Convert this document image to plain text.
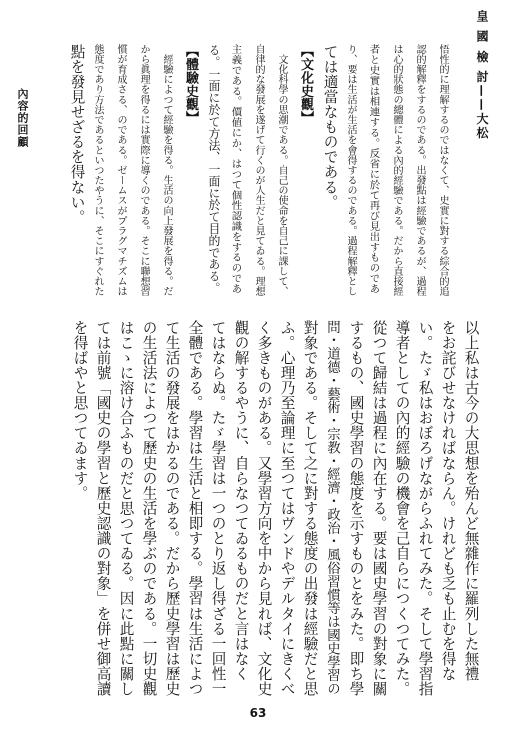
皇 國 檢 討——大松
內容的回顧	悟性的に理解するのではなくて、史實に對する綜合的追
認的解釋をするのである。出發點は經驗であるが、過程
は心的狀態の總體による內的經驗である。だから直接經
者と史實は相連する。反省に於て再び見出すものであ
り、要は生活が生活を會得するのである。過程解釋とし
ては適當なものである。
【文化史觀】
　文化科學の思潮である。自己の使命を自己に課して、
自律的な發展を遂げて行くのが人生だと見てゐる。理想
主義である。價値にか、はつて個性認識をするのであ
る。一面に於て方法、一面に於て目的である。
【體驗史觀】
　經驗によつて經驗を得る。生活の向上發展を得る。だ
から眞理を得るには實際に導くのである。そこに聯想習
慣が育成さる、のである。ゼームスがプラグマチズムは
態度であり方法であるといつたやうに、そこにすぐれた
點を發見せざるを得ない。
以上私は古今の大思想を殆んど無雜作に羅列した無禮
をお詫びせなければならん。けれども乏も止むを得な
い。たゞ私はおぼろげながらふれてみた。そして學習指
導者としての內的經驗の機會を己自らにつくつてみた。
從つて歸結は過程に內在する。要は國史學習の對象に關
するもの、國史學習の態度を示すものとをみた。即ち學
問・道德・藝術・宗教・經濟・政治・風俗習慣等は國史學習の
對象である。そして之に對する態度の出發は經驗だと思
ふ。心理乃至論理に至つてはヴンドやデルタイにきくべ
く多きものがある。又學習方向を中から見れば、文化史
觀の解するやうに、自らなつてゐるものだと言はなく
てはならぬ。たゞ學習は一つのとり返し得ざる一回性一
全體である。學習は生活と相即する。學習は生活によつ
て生活の發展をはかるのである。だから歷史學習は歷史
の生活法によつて歷史の生活を學ぶのである。一切史觀
はこゝに溶け合ふものだと思つてゐる。因に此點に關し
ては前號「國史の學習と歷史認識の對象」を併せ御高讀
を得ばやと思つてゐます。
63
